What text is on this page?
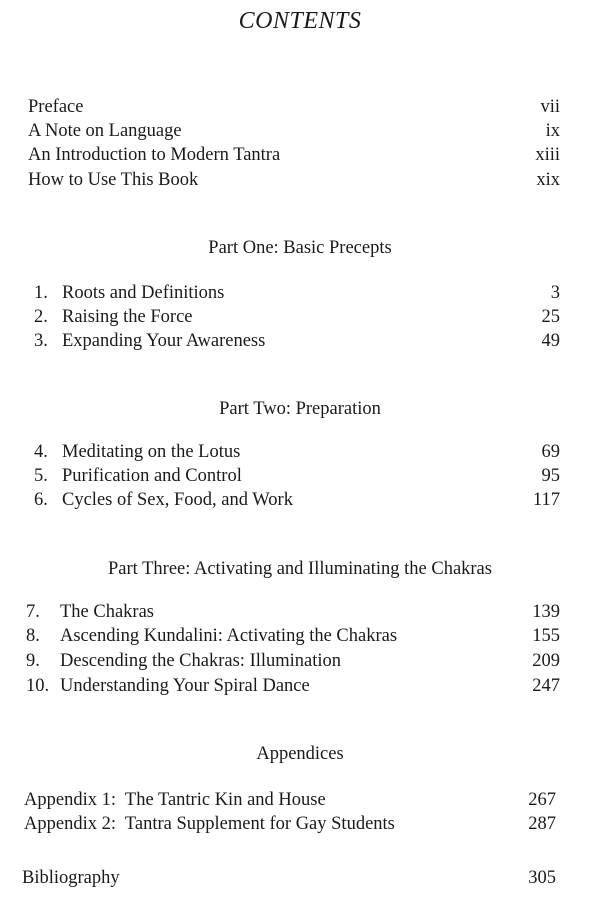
CONTENTS
Preface	vii
A Note on Language	ix
An Introduction to Modern Tantra	xiii
How to Use This Book	xix
Part One: Basic Precepts
1. Roots and Definitions	3
2. Raising the Force	25
3. Expanding Your Awareness	49
Part Two: Preparation
4. Meditating on the Lotus	69
5. Purification and Control	95
6. Cycles of Sex, Food, and Work	117
Part Three: Activating and Illuminating the Chakras
7.	The Chakras	139
8.	Ascending Kundalini: Activating the Chakras	155
9.	Descending the Chakras: Illumination	209
10. Understanding Your Spiral Dance	247
Appendices
Appendix 1:  The Tantric Kin and House	267
Appendix 2:  Tantra Supplement for Gay Students	287
Bibliography	305
